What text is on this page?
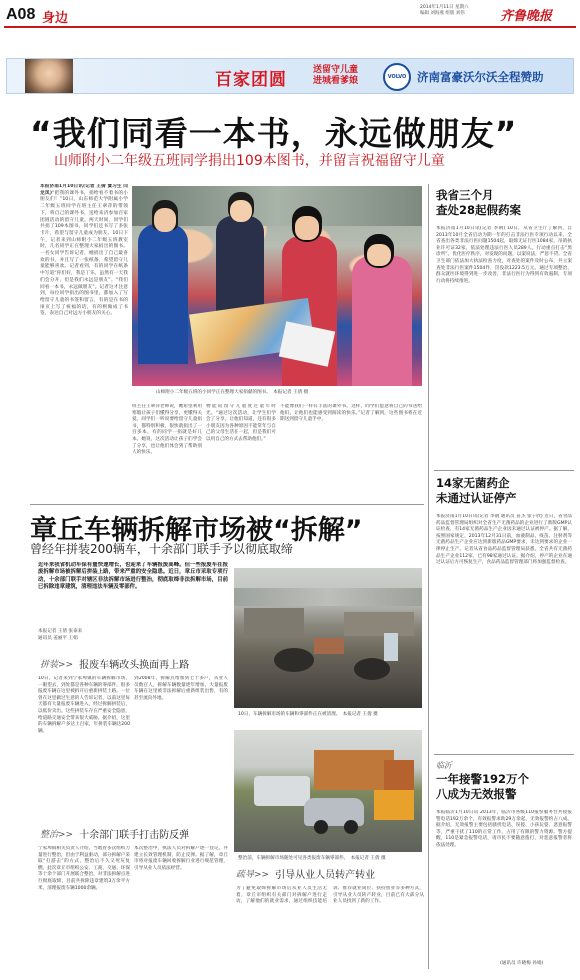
A08 身边
2014年1月11日 星期六
编辑 刘海燕 组版 刘伟	齐鲁晚报
百家团圆	送留守儿童
进城看爹娘	VOLVO 济南富豪沃尔沃全程赞助
“我们同看一本书，永远做朋友”
山师附小二年级五班同学捐出109本图书，并留言祝福留守儿童
本报济南1月10日讯(记者 王倩 實习生 闫龙凤)“把我的课外书，捐给看不着书的小朋友们！”10日，山东师范大学附属小学二年级五班同学在班主任王翠萍的带领下，将自己的课外书，送给来济参加百家团圆活动的留守儿童。两天时间，同学们共捐了109本图书，同学们还书写了多张卡片，希望与留守儿童成为朋友。10日下午，记者来到山师附小二年级五班教室时，几名同学正在整理大家捐出的图书。一名女同学告诉记者，她捐出了自己最喜欢的书，并且写了一张纸条，希望留守儿童能够喜欢。记者看到，有的同学在纸条中写道“你们好，我是丁乐，虽然有一天我们会分开，但是我们永远是朋友”。“我们同看一本书，永远做朋友”。记者这才注意到，每位同学捐出的图书里，都加入了写给留守儿童的书签和留言，有的是在书的扉页上写了祝福的话，有的则做成了书签，表达自己对远方小朋友的关心。
山师附小二年级五班的小同学正在整理大家捐献的图书。　 本报记者 王倩 摄
班主任王翠萍老师说，她希望利用寒假让孩子们懂得分享，更懂得关爱。同学们一听说要给留守儿童捐书，都特别积极，很快就捐出了一百多本，有的同学一捐就是好几本。她说，这次活动让孩子们学会了分享，也让他们体会到了帮助别人的快乐。
物能陪留守儿童度过童年时光。“通过这次活动，让学生们学会了分享，让他们知道，还有很多小朋友因为各种原因不能常年与自己的父母生活在一起，但是我们可以用自己的方式去帮助他们。”
不能像我们一样有丰富的课外书。这样，同学们愿意将自己的书送给他们，让他们也能感受到阅读的快乐。”记者了解到，这些图书将在近期送到留守儿童手中。
我省三个月
查处28起假药案
本报济南1月10日讯(记者 李钢) 10日，从省卫生厅了解到，自2013年10月全省启动为期一年的打击非法行医专项行动以来，全省查出各类非法行医问题1504起，取缔无证行医1084家，吊销执业许可证32家，依法处理违法行医人员289人。行动重点打击“黑诊所”，优化医疗秩序，对发现的问题，以案说法，严惩不贷。全省卫生部门依法加大执法检查力度，对查处的案件及时公布，共立案查处非法行医案件1504件，罚没款1223.5万元。通过专项整治，群众就医环境得到进一步改善，非法行医行为得到有效遏制，专项行动将持续推进。
14家无菌药企
未通过认证停产
本报济南1月10日讯(记者 李钢 通讯员 苗杰 张子欣) 近日，省食品药品监督管理局组织对全省生产无菌药品的企业进行了新版GMP认证检查，有14家无菌药品生产企业因未通过认证被停产。据了解，按照国家规定，2013年12月31日前，血液制品、疫苗、注射剂等无菌药品生产企业应达到新版药品GMP要求，未达到要求的企业一律停止生产。记者从省食品药品监督管理局获悉，全省共有无菌药品生产企业112家，已有98家通过认证。据介绍，停产的企业在通过认证后方可恢复生产，食品药品监督管理部门将加强监督检查。
临沂
一年接警192万个
八成为无效报警
本报临沂1月10日讯 2013年，临沂市各级110报警服务台共接报警电话192万余个，有效报警求助29万余起，无效报警约占八成。据介绍，无效报警主要包括骚扰电话、误拨、小孩玩耍、恶意报警等，严重干扰了110的正常工作，占用了有限的警力资源。警方提醒，110是紧急报警电话，请市民不要随意拨打，对恶意报警者将依法处理。
(通讯员 许晓梅 孙娟)
章丘车辆拆解市场被“拆解”
曾经年拼装200辆车，十余部门联手予以彻底取缔
近年来我省机动车保有量快速增长，也迎来了车辆报废高峰。但一些报废车在报废拆解市场被拆解后拼装上路，带来严重的安全隐患。近日，章丘市采取专项行动，十余部门联手对辖区非法拆解市场进行整治，彻底取缔非法拆解市场，目前已拆除违章建筑，清理违法车辆及零部件。
本报记者 王倩 张泰来
通讯员 姜丽平 王娟
10日，车辆拆解市场的车辆和零部件正在被清理。　 本报记者 王倩 摄
整治前，车辆拆解市场随处可见各类报废车辆零部件。　 本报记者 王倩 摄
拼装>> 报废车辆改头换面再上路
10日，记者来到宁家埠镇的车辆拆解市场，一眼望去，到处都是各种车辆的零部件，很多报废车辆在这里被拆开后重新拼装上路。一位曾在这里做过生意的人告诉记者，以前这里每天都有大量报废车辆进入，经过拆解拼装后，以低价卖出。这些拼装车存在严重安全隐患，给道路交通安全带来很大威胁。据介绍，这里的车辆拆解户多达上百家，年拼装车辆达200辆。
到2008年，拆解点增加到七十多户，从业人员数百人，拆解车辆数量逐年增加，大量报废车辆在这里被非法拆解后重新组装出售，有的甚至流向外地。
整治>> 十余部门联手打击防反弹
宁家埠镇相关负责人介绍，当地曾多次组织力量进行整治，但由于利益驱动，部分拆解户采取“打游击”的方式，整治后不久又死灰复燃。此次章丘市组织公安、工商、交通、环保等十余个部门开展联合整治，对非法拆解点进行彻底取缔，目前共拆除违章建筑3万余平方米，清理报废车辆1000余辆。
本次整治中，执法人员对拆解户逐一登记，并建立长效管理机制，防止反弹。据了解，章丘市将对报废车辆回收拆解行业进行规范管理，引导从业人员依法经营。
疏导>> 引导从业人员转产转业
为了避免取缔拆解市场后从业人员生活无着，章丘市组织有关部门对拆解户进行走访，了解他们的就业需求，通过组织技能培训、推荐就业岗位、扶持创业等多种方式，引导从业人员转产转业，目前已有大部分从业人员找到了新的工作。
